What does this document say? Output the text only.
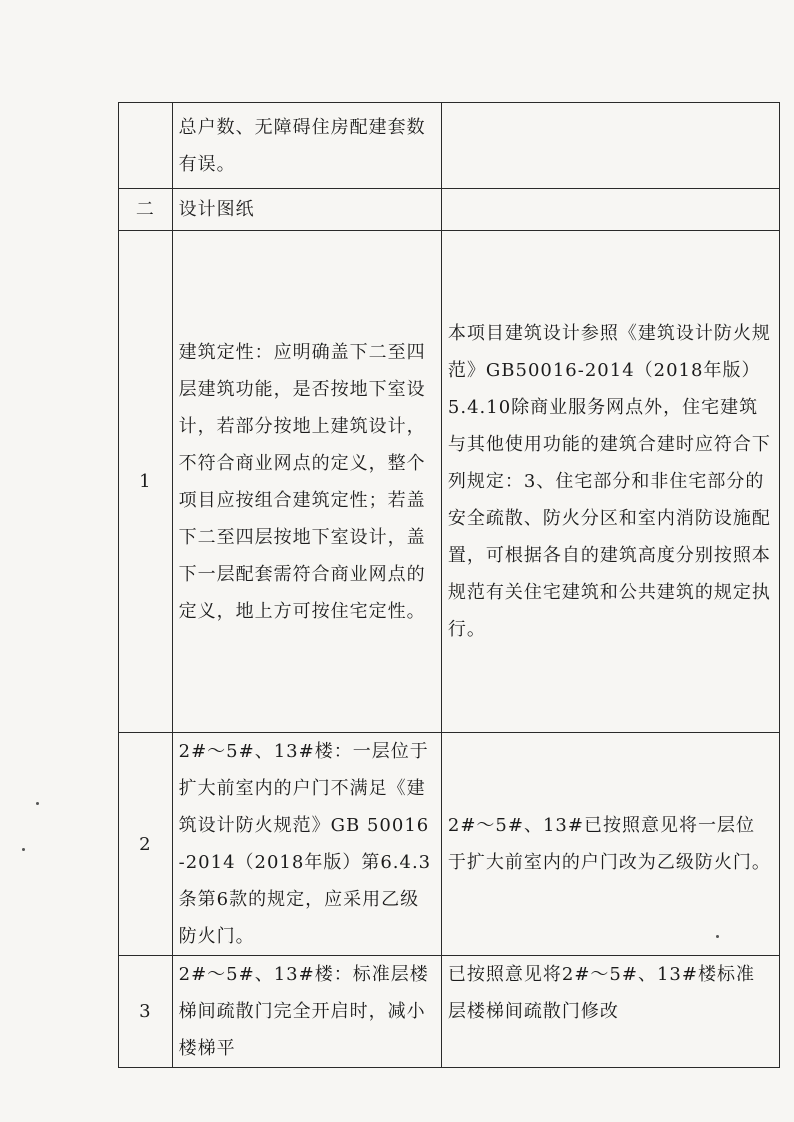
	总户数、无障碍住房配建套数有误。	
二	设计图纸	
1	建筑定性：应明确盖下二至四层建筑功能，是否按地下室设计，若部分按地上建筑设计，不符合商业网点的定义，整个项目应按组合建筑定性；若盖下二至四层按地下室设计，盖下一层配套需符合商业网点的定义，地上方可按住宅定性。	本项目建筑设计参照《建筑设计防火规范》GB50016-2014（2018年版）5.4.10除商业服务网点外，住宅建筑与其他使用功能的建筑合建时应符合下列规定：3、住宅部分和非住宅部分的安全疏散、防火分区和室内消防设施配置，可根据各自的建筑高度分别按照本规范有关住宅建筑和公共建筑的规定执行。
2	2#～5#、13#楼：一层位于扩大前室内的户门不满足《建筑设计防火规范》GB 50016-2014（2018年版）第6.4.3条第6款的规定，应采用乙级防火门。	2#～5#、13#已按照意见将一层位于扩大前室内的户门改为乙级防火门。
3	2#～5#、13#楼：标准层楼梯间疏散门完全开启时，减小楼梯平	已按照意见将2#～5#、13#楼标准层楼梯间疏散门修改
